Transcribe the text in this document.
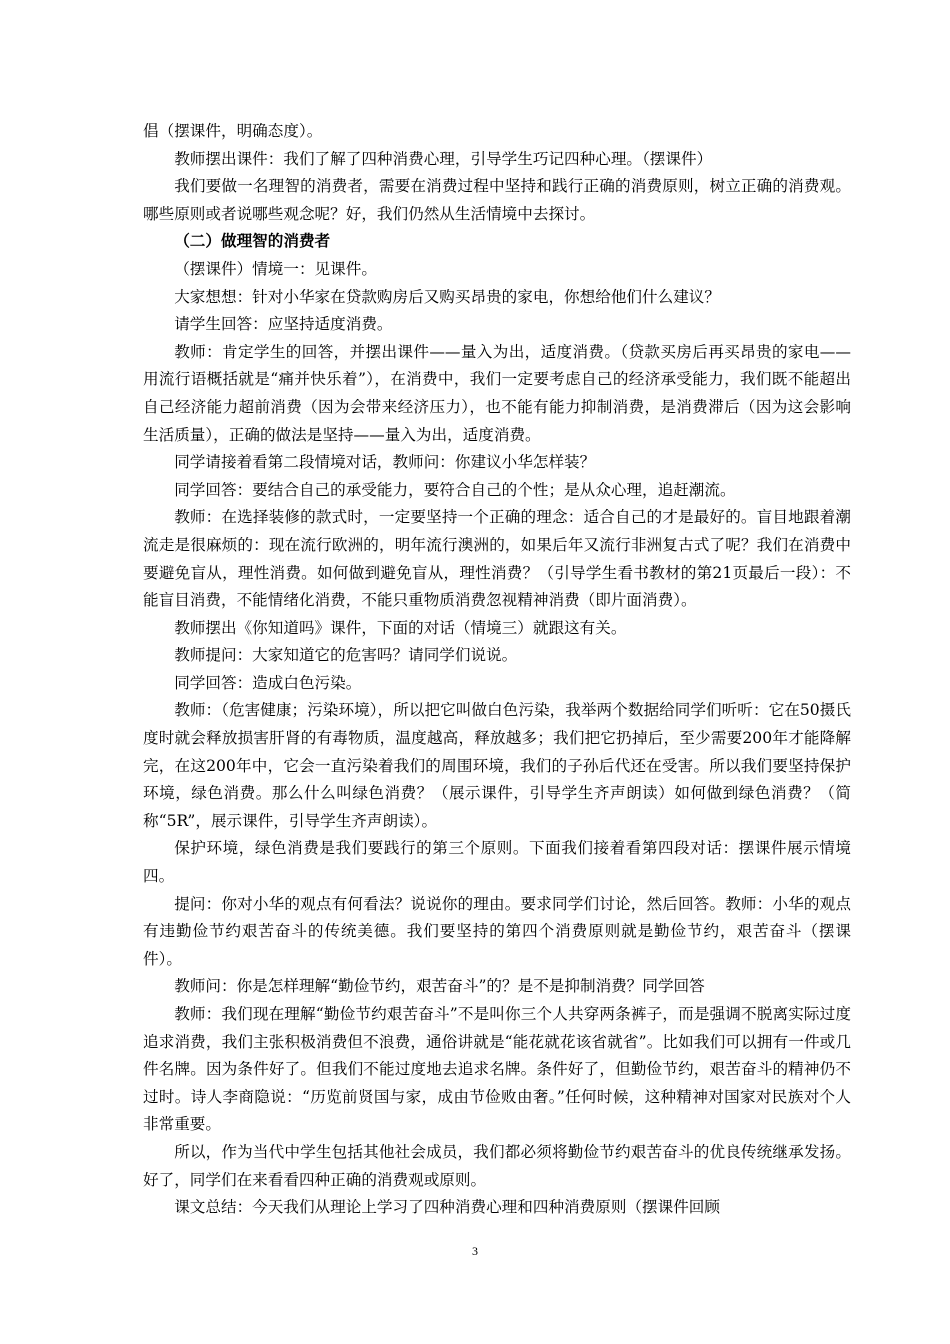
倡（摆课件，明确态度）。

教师摆出课件：我们了解了四种消费心理，引导学生巧记四种心理。（摆课件）

我们要做一名理智的消费者，需要在消费过程中坚持和践行正确的消费原则，树立正确的消费观。哪些原则或者说哪些观念呢？好，我们仍然从生活情境中去探讨。

（二）做理智的消费者

（摆课件）情境一：见课件。

大家想想：针对小华家在贷款购房后又购买昂贵的家电，你想给他们什么建议？

请学生回答：应坚持适度消费。

教师：肯定学生的回答，并摆出课件——量入为出，适度消费。（贷款买房后再买昂贵的家电——用流行语概括就是“痛并快乐着”），在消费中，我们一定要考虑自己的经济承受能力，我们既不能超出自己经济能力超前消费（因为会带来经济压力），也不能有能力抑制消费，是消费滞后（因为这会影响生活质量），正确的做法是坚持——量入为出，适度消费。

同学请接着看第二段情境对话，教师问：你建议小华怎样装？

同学回答：要结合自己的承受能力，要符合自己的个性；是从众心理，追赶潮流。

教师：在选择装修的款式时，一定要坚持一个正确的理念：适合自己的才是最好的。盲目地跟着潮流走是很麻烦的：现在流行欧洲的，明年流行澳洲的，如果后年又流行非洲复古式了呢？我们在消费中要避免盲从，理性消费。如何做到避免盲从，理性消费？（引导学生看书教材的第21页最后一段）：不能盲目消费，不能情绪化消费，不能只重物质消费忽视精神消费（即片面消费）。

教师摆出《你知道吗》课件，下面的对话（情境三）就跟这有关。

教师提问：大家知道它的危害吗？请同学们说说。

同学回答：造成白色污染。

教师：（危害健康；污染环境），所以把它叫做白色污染，我举两个数据给同学们听听：它在50摄氏度时就会释放损害肝肾的有毒物质，温度越高，释放越多；我们把它扔掉后，至少需要200年才能降解完，在这200年中，它会一直污染着我们的周围环境，我们的子孙后代还在受害。所以我们要坚持保护环境，绿色消费。那么什么叫绿色消费？（展示课件，引导学生齐声朗读）如何做到绿色消费？（简称“5R”，展示课件，引导学生齐声朗读）。

保护环境，绿色消费是我们要践行的第三个原则。下面我们接着看第四段对话：摆课件展示情境四。

提问：你对小华的观点有何看法？说说你的理由。要求同学们讨论，然后回答。教师：小华的观点有违勤俭节约艰苦奋斗的传统美德。我们要坚持的第四个消费原则就是勤俭节约，艰苦奋斗（摆课件）。

教师问：你是怎样理解“勤俭节约，艰苦奋斗”的？是不是抑制消费？同学回答

教师：我们现在理解“勤俭节约艰苦奋斗”不是叫你三个人共穿两条裤子，而是强调不脱离实际过度追求消费，我们主张积极消费但不浪费，通俗讲就是“能花就花该省就省”。比如我们可以拥有一件或几件名牌。因为条件好了。但我们不能过度地去追求名牌。条件好了，但勤俭节约，艰苦奋斗的精神仍不过时。诗人李商隐说：“历览前贤国与家，成由节俭败由奢。”任何时候，这种精神对国家对民族对个人非常重要。

所以，作为当代中学生包括其他社会成员，我们都必须将勤俭节约艰苦奋斗的优良传统继承发扬。好了，同学们在来看看四种正确的消费观或原则。

课文总结：今天我们从理论上学习了四种消费心理和四种消费原则（摆课件回顾

3
